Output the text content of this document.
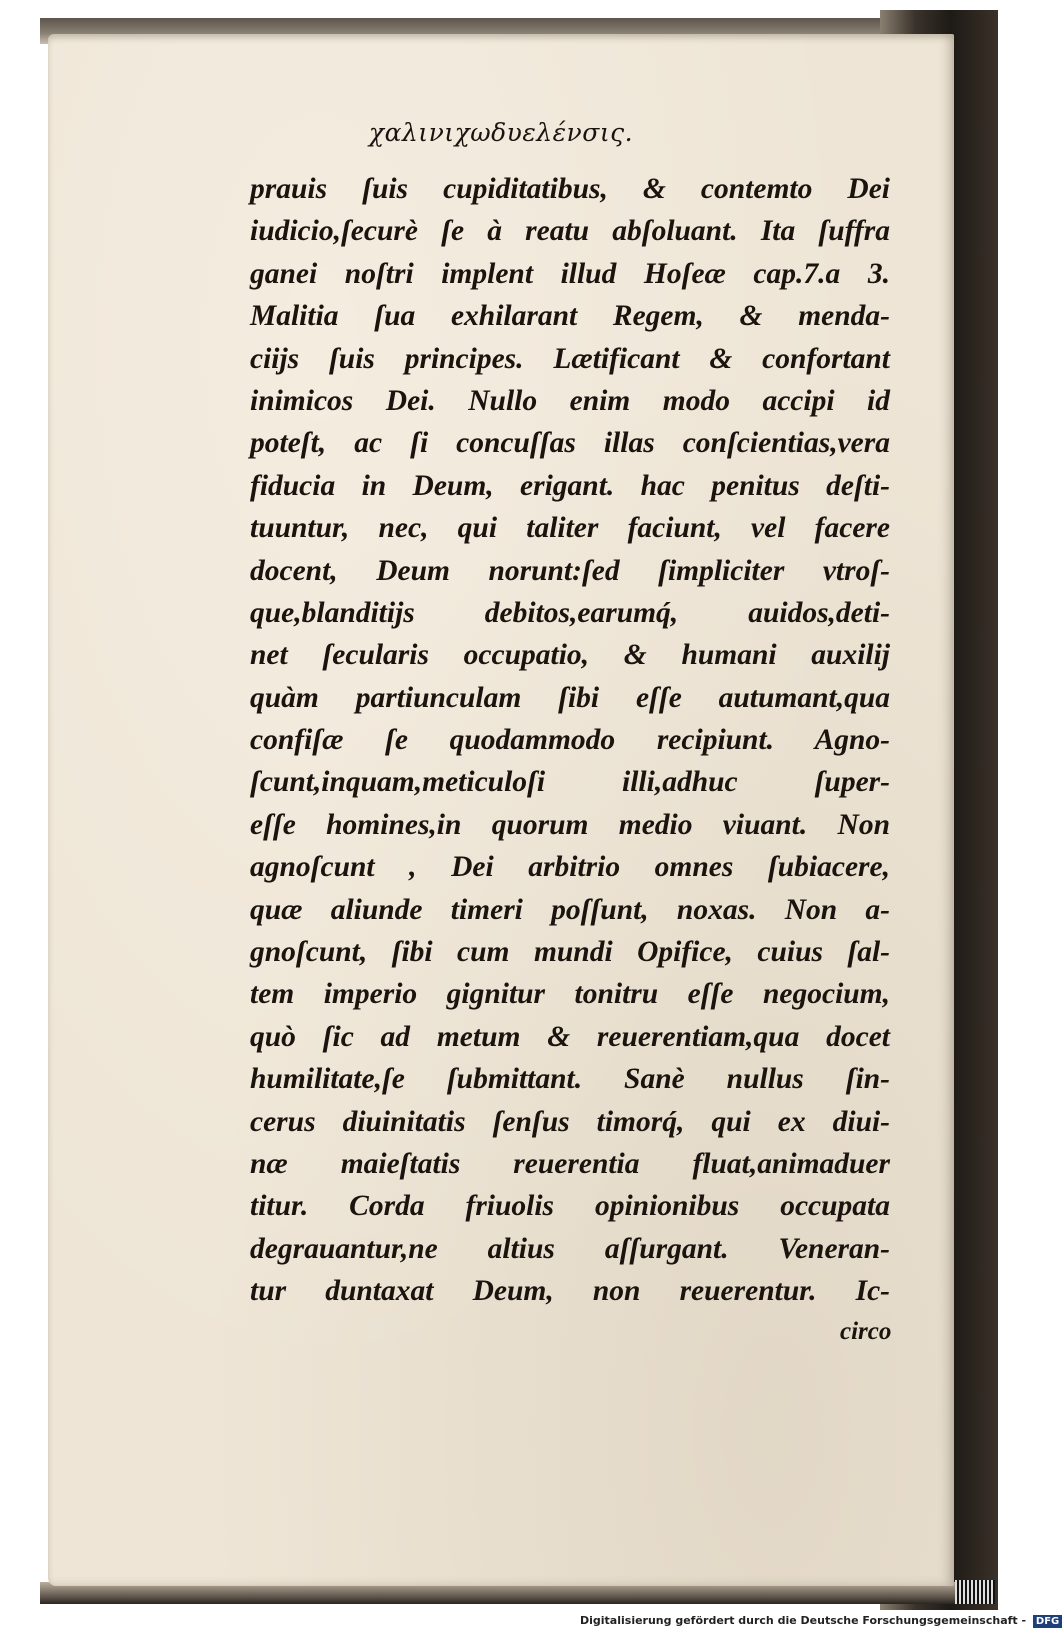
χαλινιχωδυελένσις.
prauis ſuis cupiditatibus, & contemto Dei
iudicio,ſecurè ſe à reatu abſoluant. Ita ſuffra
ganei noſtri implent illud Hoſeæ cap.7.a 3.
Malitia ſua exhilarant Regem, & menda-
ciijs ſuis principes. Lætificant & confortant
inimicos Dei. Nullo enim modo accipi id
poteſt, ac ſi concuſſas illas conſcientias,vera
fiducia in Deum, erigant. hac penitus deſti-
tuuntur, nec, qui taliter faciunt, vel facere
docent, Deum norunt:ſed ſimpliciter vtroſ-
que,blanditijs debitos,earumq́, auidos,deti-
net ſecularis occupatio, & humani auxilij
quàm partiunculam ſibi eſſe autumant,qua
confiſæ ſe quodammodo recipiunt. Agno-
ſcunt,inquam,meticuloſi illi,adhuc ſuper-
eſſe homines,in quorum medio viuant. Non
agnoſcunt , Dei arbitrio omnes ſubiacere,
quæ aliunde timeri poſſunt, noxas. Non a-
gnoſcunt, ſibi cum mundi Opifice, cuius ſal-
tem imperio gignitur tonitru eſſe negocium,
quò ſic ad metum & reuerentiam,qua docet
humilitate,ſe ſubmittant. Sanè nullus ſin-
cerus diuinitatis ſenſus timorq́, qui ex diui-
næ maieſtatis reuerentia fluat,animaduer
titur. Corda friuolis opinionibus occupata
degrauantur,ne altius aſſurgant. Veneran-
tur duntaxat Deum, non reuerentur. Ic-
circo
Digitalisierung gefördert durch die Deutsche Forschungsgemeinschaft - DFG
